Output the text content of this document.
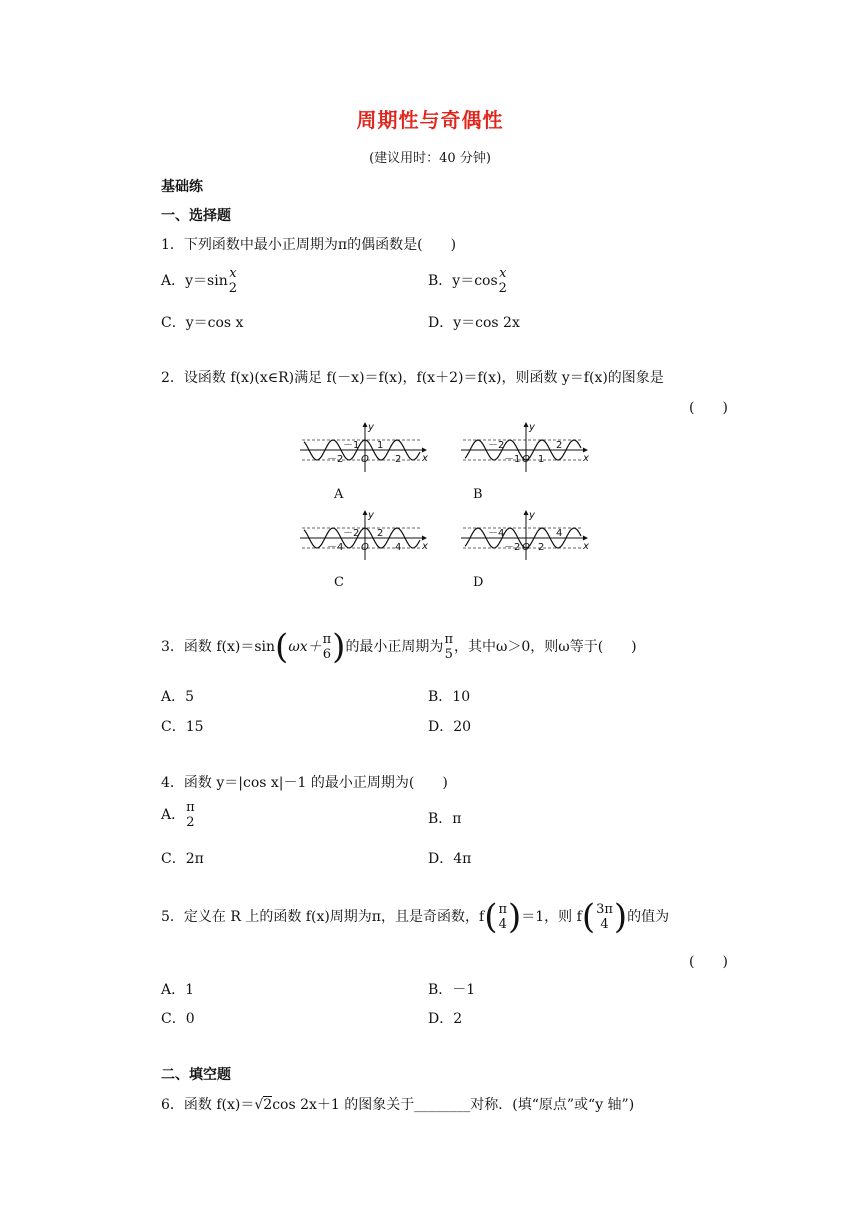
周期性与奇偶性
(建议用时：40 分钟)
基础练
一、选择题
1．下列函数中最小正周期为π的偶函数是(　　)
A．y＝sin x
2	B．y＝cos x
2
C．y＝cos x	D．y＝cos 2x
2．设函数 f(x)(x∈R)满足 f(－x)＝f(x)，f(x＋2)＝f(x)，则函数 y＝f(x)的图象是
(　　)
y
x
O
－1
－2
1
2
y
x
O
－2
－1
2
1
y
x
O
－2
－4
2
4
y
x
O
－4
－2
4
2
A	B
C	D
3．函数 f(x)＝sin(ωx＋ π
6 )的最小正周期为 π
5 ，其中ω＞0，则ω等于(　　)
A．5	B．10
C．15	D．20
4．函数 y＝|cos x|－1 的最小正周期为(　　)
A． π
2	B．π
C．2π	D．4π
5．定义在 R 上的函数 f(x)周期为π，且是奇函数，f( π
4 )＝1，则 f( 3π
4 )的值为
(　　)
A．1	B．－1
C．0	D．2
二、填空题
6．函数 f(x)＝√2cos 2x＋1 的图象关于________对称．(填“原点”或“y 轴”)
